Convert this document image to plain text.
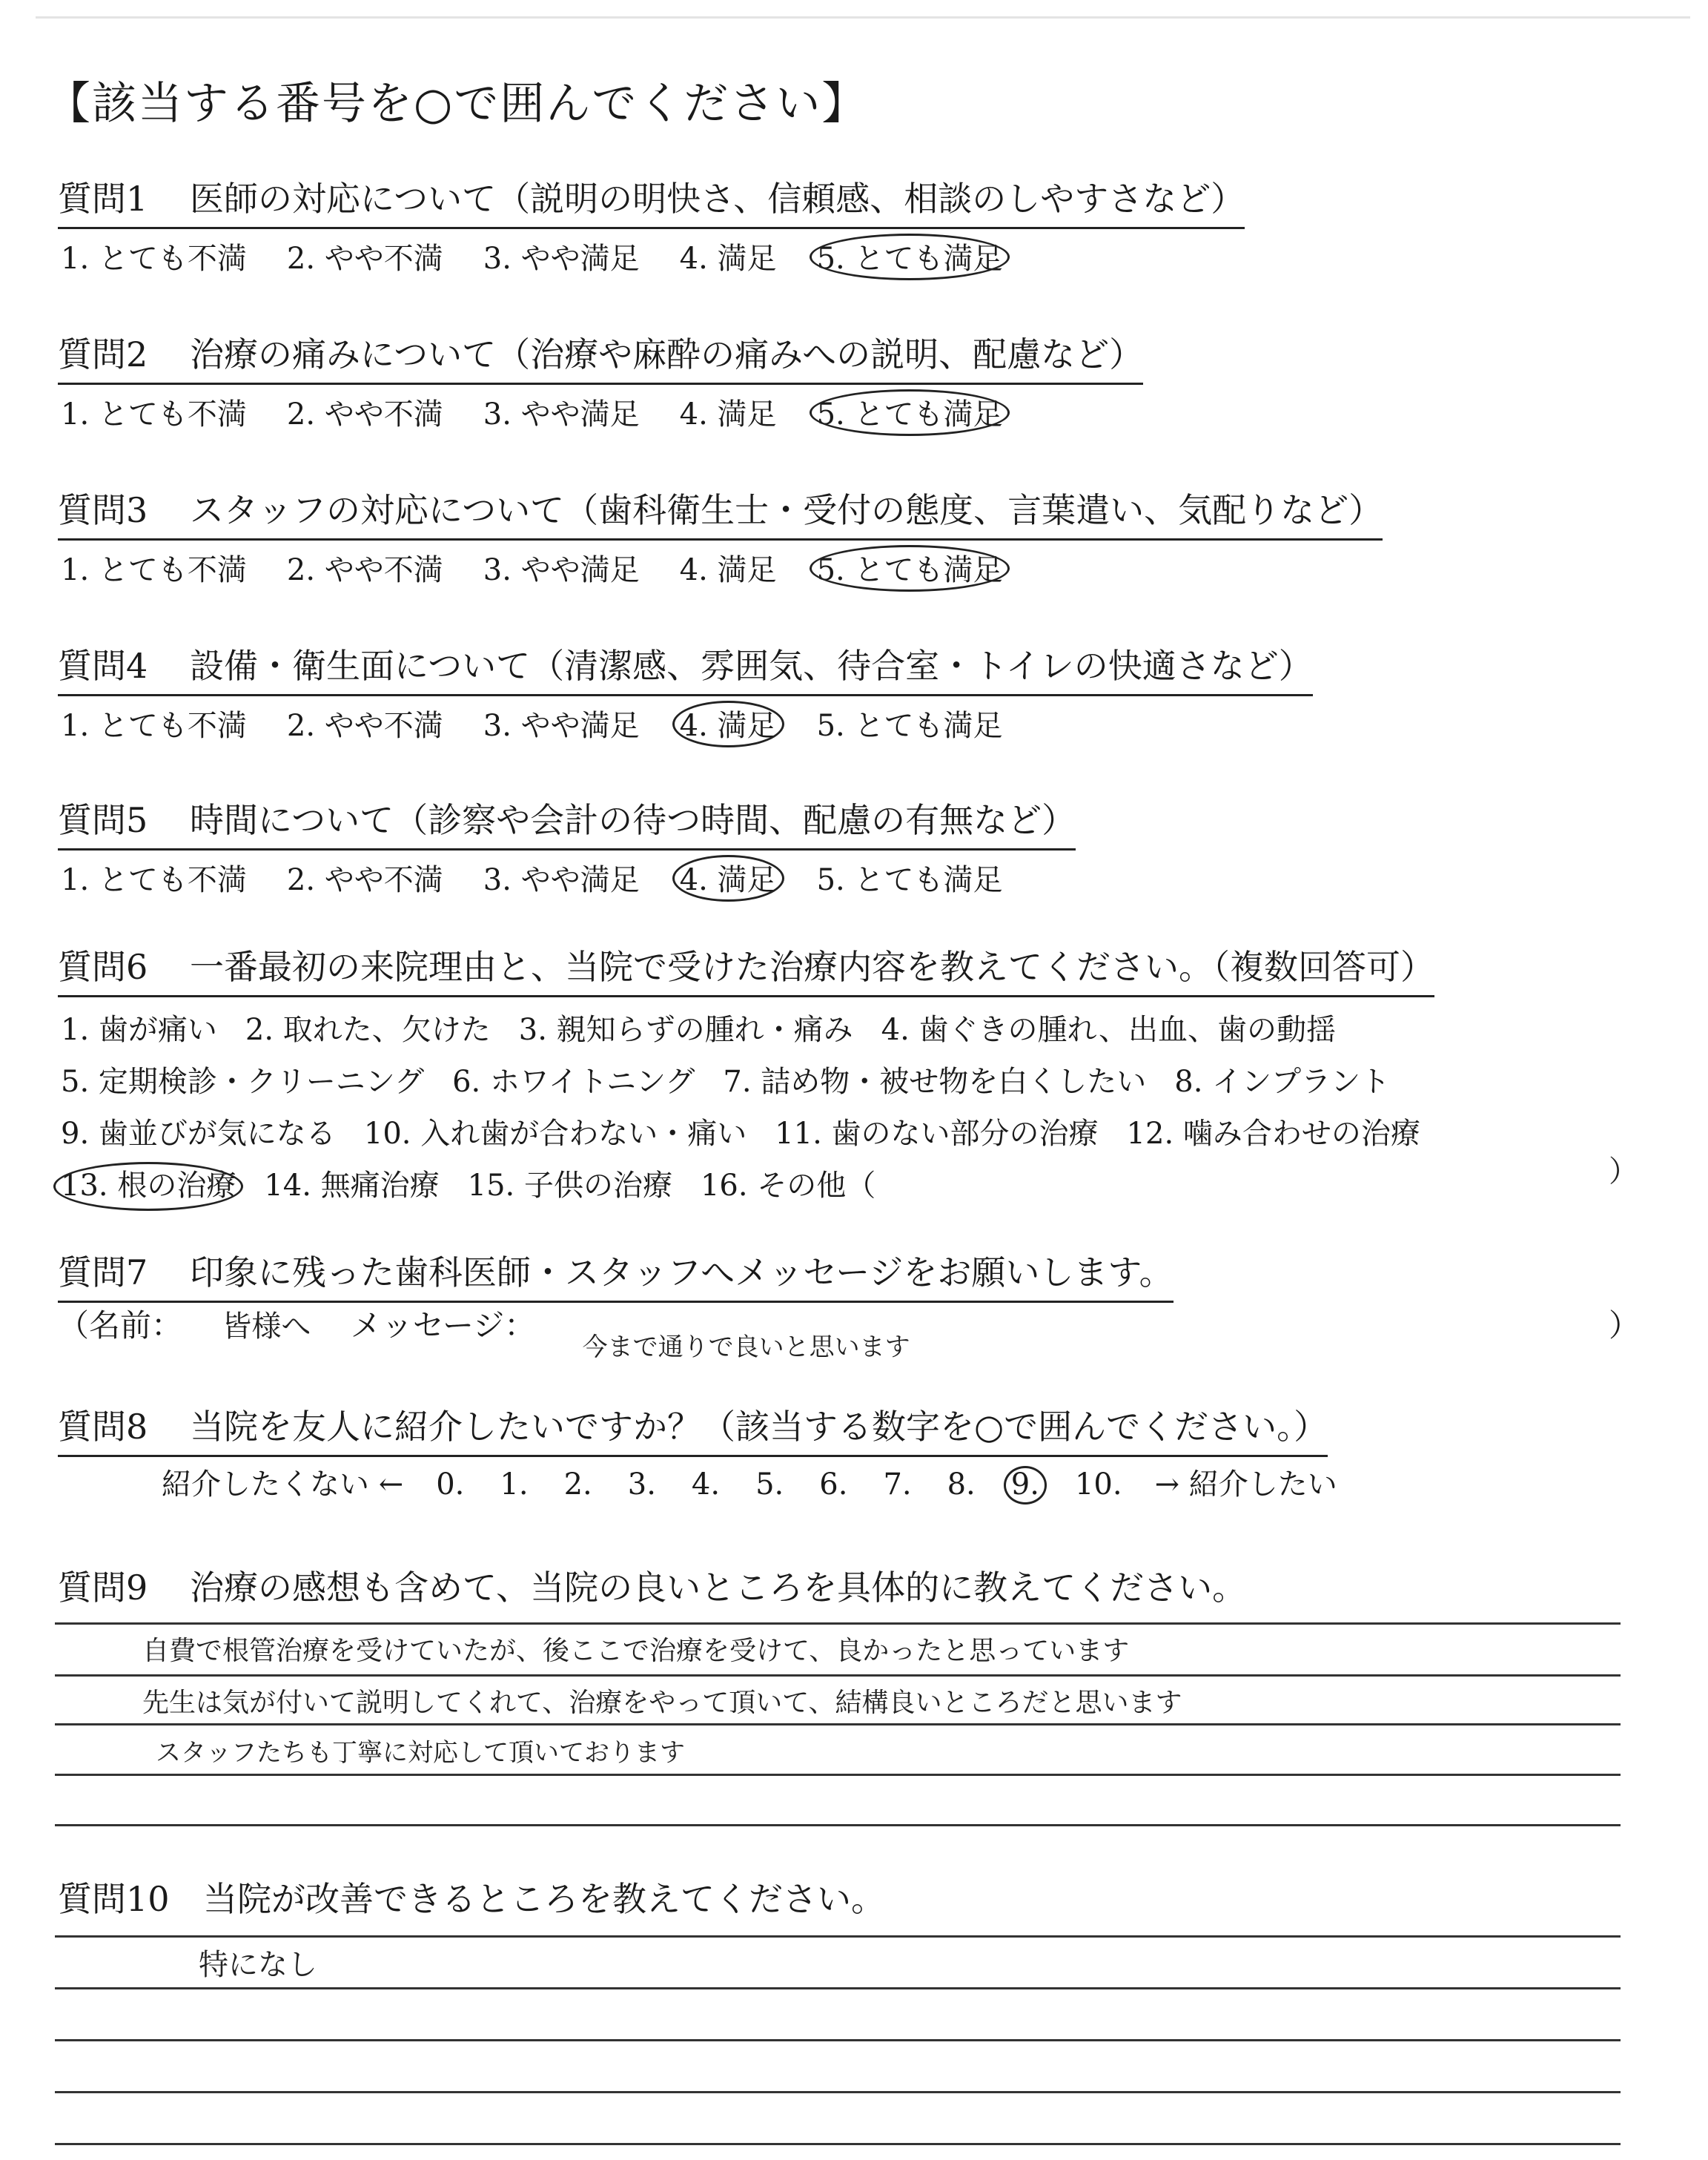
【該当する番号を○で囲んでください】
質問1 医師の対応について（説明の明快さ、信頼感、相談のしやすさなど）
1. とても不満 2. やや不満 3. やや満足 4. 満足 5. とても満足
質問2 治療の痛みについて（治療や麻酔の痛みへの説明、配慮など）
1. とても不満 2. やや不満 3. やや満足 4. 満足 5. とても満足
質問3 スタッフの対応について（歯科衛生士・受付の態度、言葉遣い、気配りなど）
1. とても不満 2. やや不満 3. やや満足 4. 満足 5. とても満足
質問4 設備・衛生面について（清潔感、雰囲気、待合室・トイレの快適さなど）
1. とても不満 2. やや不満 3. やや満足 4. 満足 5. とても満足
質問5 時間について（診察や会計の待つ時間、配慮の有無など）
1. とても不満 2. やや不満 3. やや満足 4. 満足 5. とても満足
質問6 一番最初の来院理由と、当院で受けた治療内容を教えてください。（複数回答可）
1. 歯が痛い 2. 取れた、欠けた 3. 親知らずの腫れ・痛み 4. 歯ぐきの腫れ、出血、歯の動揺
5. 定期検診・クリーニング 6. ホワイトニング 7. 詰め物・被せ物を白くしたい 8. インプラント
9. 歯並びが気になる 10. 入れ歯が合わない・痛い 11. 歯のない部分の治療 12. 噛み合わせの治療
13. 根の治療 14. 無痛治療 15. 子供の治療 16. その他（	）
質問7 印象に残った歯科医師・スタッフへメッセージをお願いします。
（名前： 皆様へ メッセージ： 今まで通りで良いと思います
）
質問8 当院を友人に紹介したいですか？（該当する数字を○で囲んでください。）
紹介したくない ← 0. 1. 2. 3. 4. 5. 6. 7. 8. 9. 10. → 紹介したい
質問9 治療の感想も含めて、当院の良いところを具体的に教えてください。
自費で根管治療を受けていたが、後ここで治療を受けて、良かったと思っています
先生は気が付いて説明してくれて、治療をやって頂いて、結構良いところだと思います
スタッフたちも丁寧に対応して頂いております
質問10 当院が改善できるところを教えてください。
特になし
